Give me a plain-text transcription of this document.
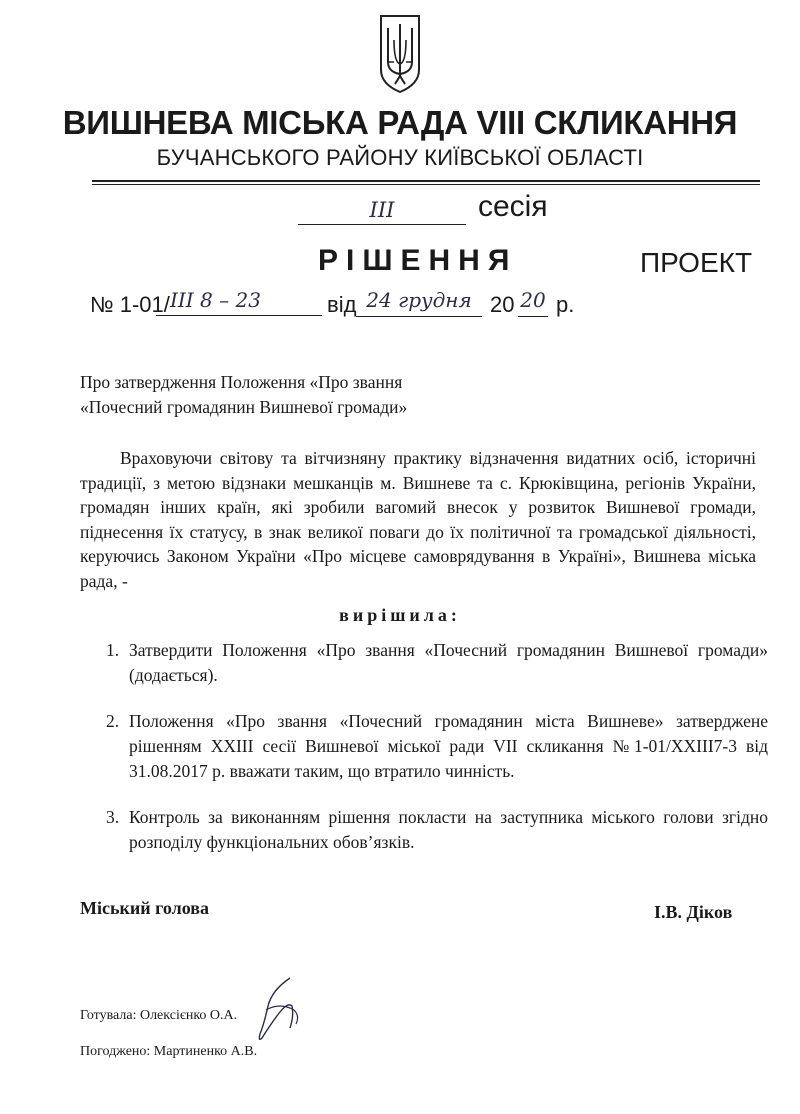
ВИШНЕВА МІСЬКА РАДА VIII СКЛИКАННЯ
БУЧАНСЬКОГО РАЙОНУ КИЇВСЬКОЇ ОБЛАСТІ
ІІІ	сесія
РІШЕННЯ	ПРОЕКТ
№ 1-01/ ІІІ 8 – 23	від 24 грудня 20 20 р.
Про затвердження Положення «Про звання
«Почесний громадянин Вишневої громади»
Враховуючи світову та вітчизняну практику відзначення видатних осіб, історичні традиції, з метою відзнаки мешканців м. Вишневе та с. Крюківщина, регіонів України, громадян інших країн, які зробили вагомий внесок у розвиток Вишневої громади, піднесення їх статусу, в знак великої поваги до їх політичної та громадської діяльності, керуючись Законом України «Про місцеве самоврядування в Україні», Вишнева міська рада, -
вирішила:
1. Затвердити Положення «Про звання «Почесний громадянин Вишневої громади» (додається).
2. Положення «Про звання «Почесний громадянин міста Вишневе» затверджене рішенням XXIII сесії Вишневої міської ради VII скликання №1-01/XXIII7-3 від 31.08.2017 р. вважати таким, що втратило чинність.
3. Контроль за виконанням рішення покласти на заступника міського голови згідно розподілу функціональних обов’язків.
Міський голова	І.В. Діков
Готувала: Олексієнко О.А.
Погоджено: Мартиненко А.В.
